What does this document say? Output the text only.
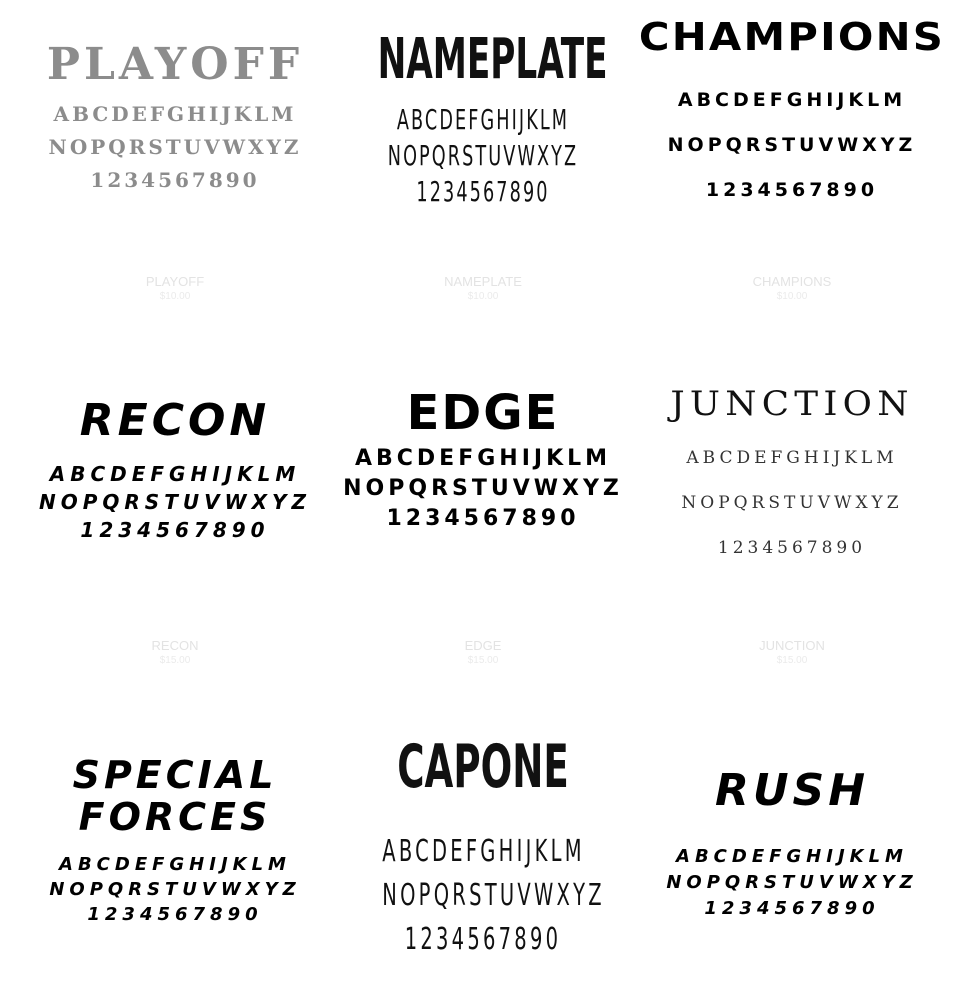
PLAYOFF
ABCDEFGHIJKLM
NOPQRSTUVWXYZ
1234567890
PLAYOFF
$10.00
NAMEPLATE
ABCDEFGHIJKLM
NOPQRSTUVWXYZ
1234567890
NAMEPLATE
$10.00
CHAMPIONS
ABCDEFGHIJKLM
NOPQRSTUVWXYZ
1234567890
CHAMPIONS
$10.00
RECON
ABCDEFGHIJKLM
NOPQRSTUVWXYZ
1234567890
RECON
$15.00
EDGE
ABCDEFGHIJKLM
NOPQRSTUVWXYZ
1234567890
EDGE
$15.00
JUNCTION
ABCDEFGHIJKLM
NOPQRSTUVWXYZ
1234567890
JUNCTION
$15.00
SPECIAL
FORCES
ABCDEFGHIJKLM
NOPQRSTUVWXYZ
1234567890
CAPONE
ABCDEFGHIJKLM
NOPQRSTUVWXYZ
1234567890
RUSH
ABCDEFGHIJKLM
NOPQRSTUVWXYZ
1234567890
